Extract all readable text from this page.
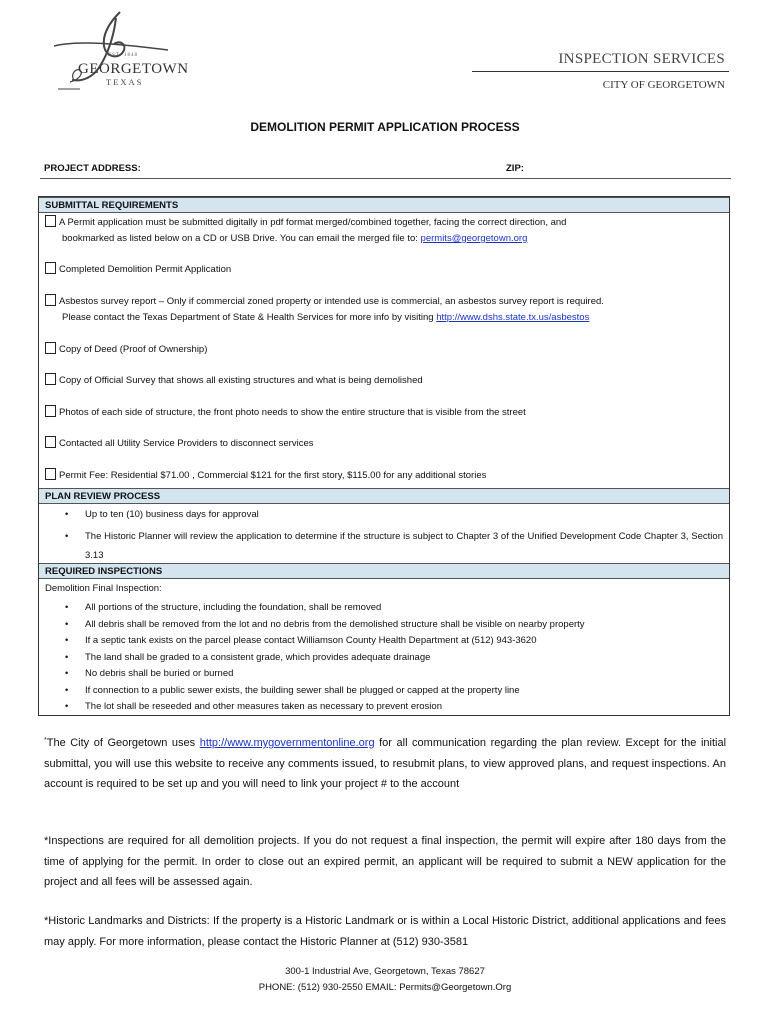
EST. 1848
GEORGETOWN
TEXAS
INSPECTION SERVICES
CITY OF GEORGETOWN
DEMOLITION PERMIT APPLICATION PROCESS
PROJECT ADDRESS:	ZIP:
SUBMITTAL REQUIREMENTS
A Permit application must be submitted digitally in pdf format merged/combined together, facing the correct direction, and
bookmarked as listed below on a CD or USB Drive. You can email the merged file to: permits@georgetown.org
Completed Demolition Permit Application
Asbestos survey report – Only if commercial zoned property or intended use is commercial, an asbestos survey report is required.
Please contact the Texas Department of State & Health Services for more info by visiting http://www.dshs.state.tx.us/asbestos
Copy of Deed (Proof of Ownership)
Copy of Official Survey that shows all existing structures and what is being demolished
Photos of each side of structure, the front photo needs to show the entire structure that is visible from the street
Contacted all Utility Service Providers to disconnect services
Permit Fee: Residential $71.00 , Commercial $121 for the first story, $115.00 for any additional stories
PLAN REVIEW PROCESS
• Up to ten (10) business days for approval
• The Historic Planner will review the application to determine if the structure is subject to Chapter 3 of the Unified Development Code Chapter 3, Section 3.13
REQUIRED INSPECTIONS
Demolition Final Inspection:
• All portions of the structure, including the foundation, shall be removed
• All debris shall be removed from the lot and no debris from the demolished structure shall be visible on nearby property
• If a septic tank exists on the parcel please contact Williamson County Health Department at (512) 943-3620
• The land shall be graded to a consistent grade, which provides adequate drainage
• No debris shall be buried or burned
• If connection to a public sewer exists, the building sewer shall be plugged or capped at the property line
• The lot shall be reseeded and other measures taken as necessary to prevent erosion
*The City of Georgetown uses http://www.mygovernmentonline.org for all communication regarding the plan review. Except for the initial submittal, you will use this website to receive any comments issued, to resubmit plans, to view approved plans, and request inspections. An account is required to be set up and you will need to link your project # to the account
*Inspections are required for all demolition projects. If you do not request a final inspection, the permit will expire after 180 days from the time of applying for the permit. In order to close out an expired permit, an applicant will be required to submit a NEW application for the project and all fees will be assessed again.
*Historic Landmarks and Districts: If the property is a Historic Landmark or is within a Local Historic District, additional applications and fees may apply. For more information, please contact the Historic Planner at (512) 930-3581
300-1 Industrial Ave, Georgetown, Texas 78627
PHONE: (512) 930-2550 EMAIL: Permits@Georgetown.Org
